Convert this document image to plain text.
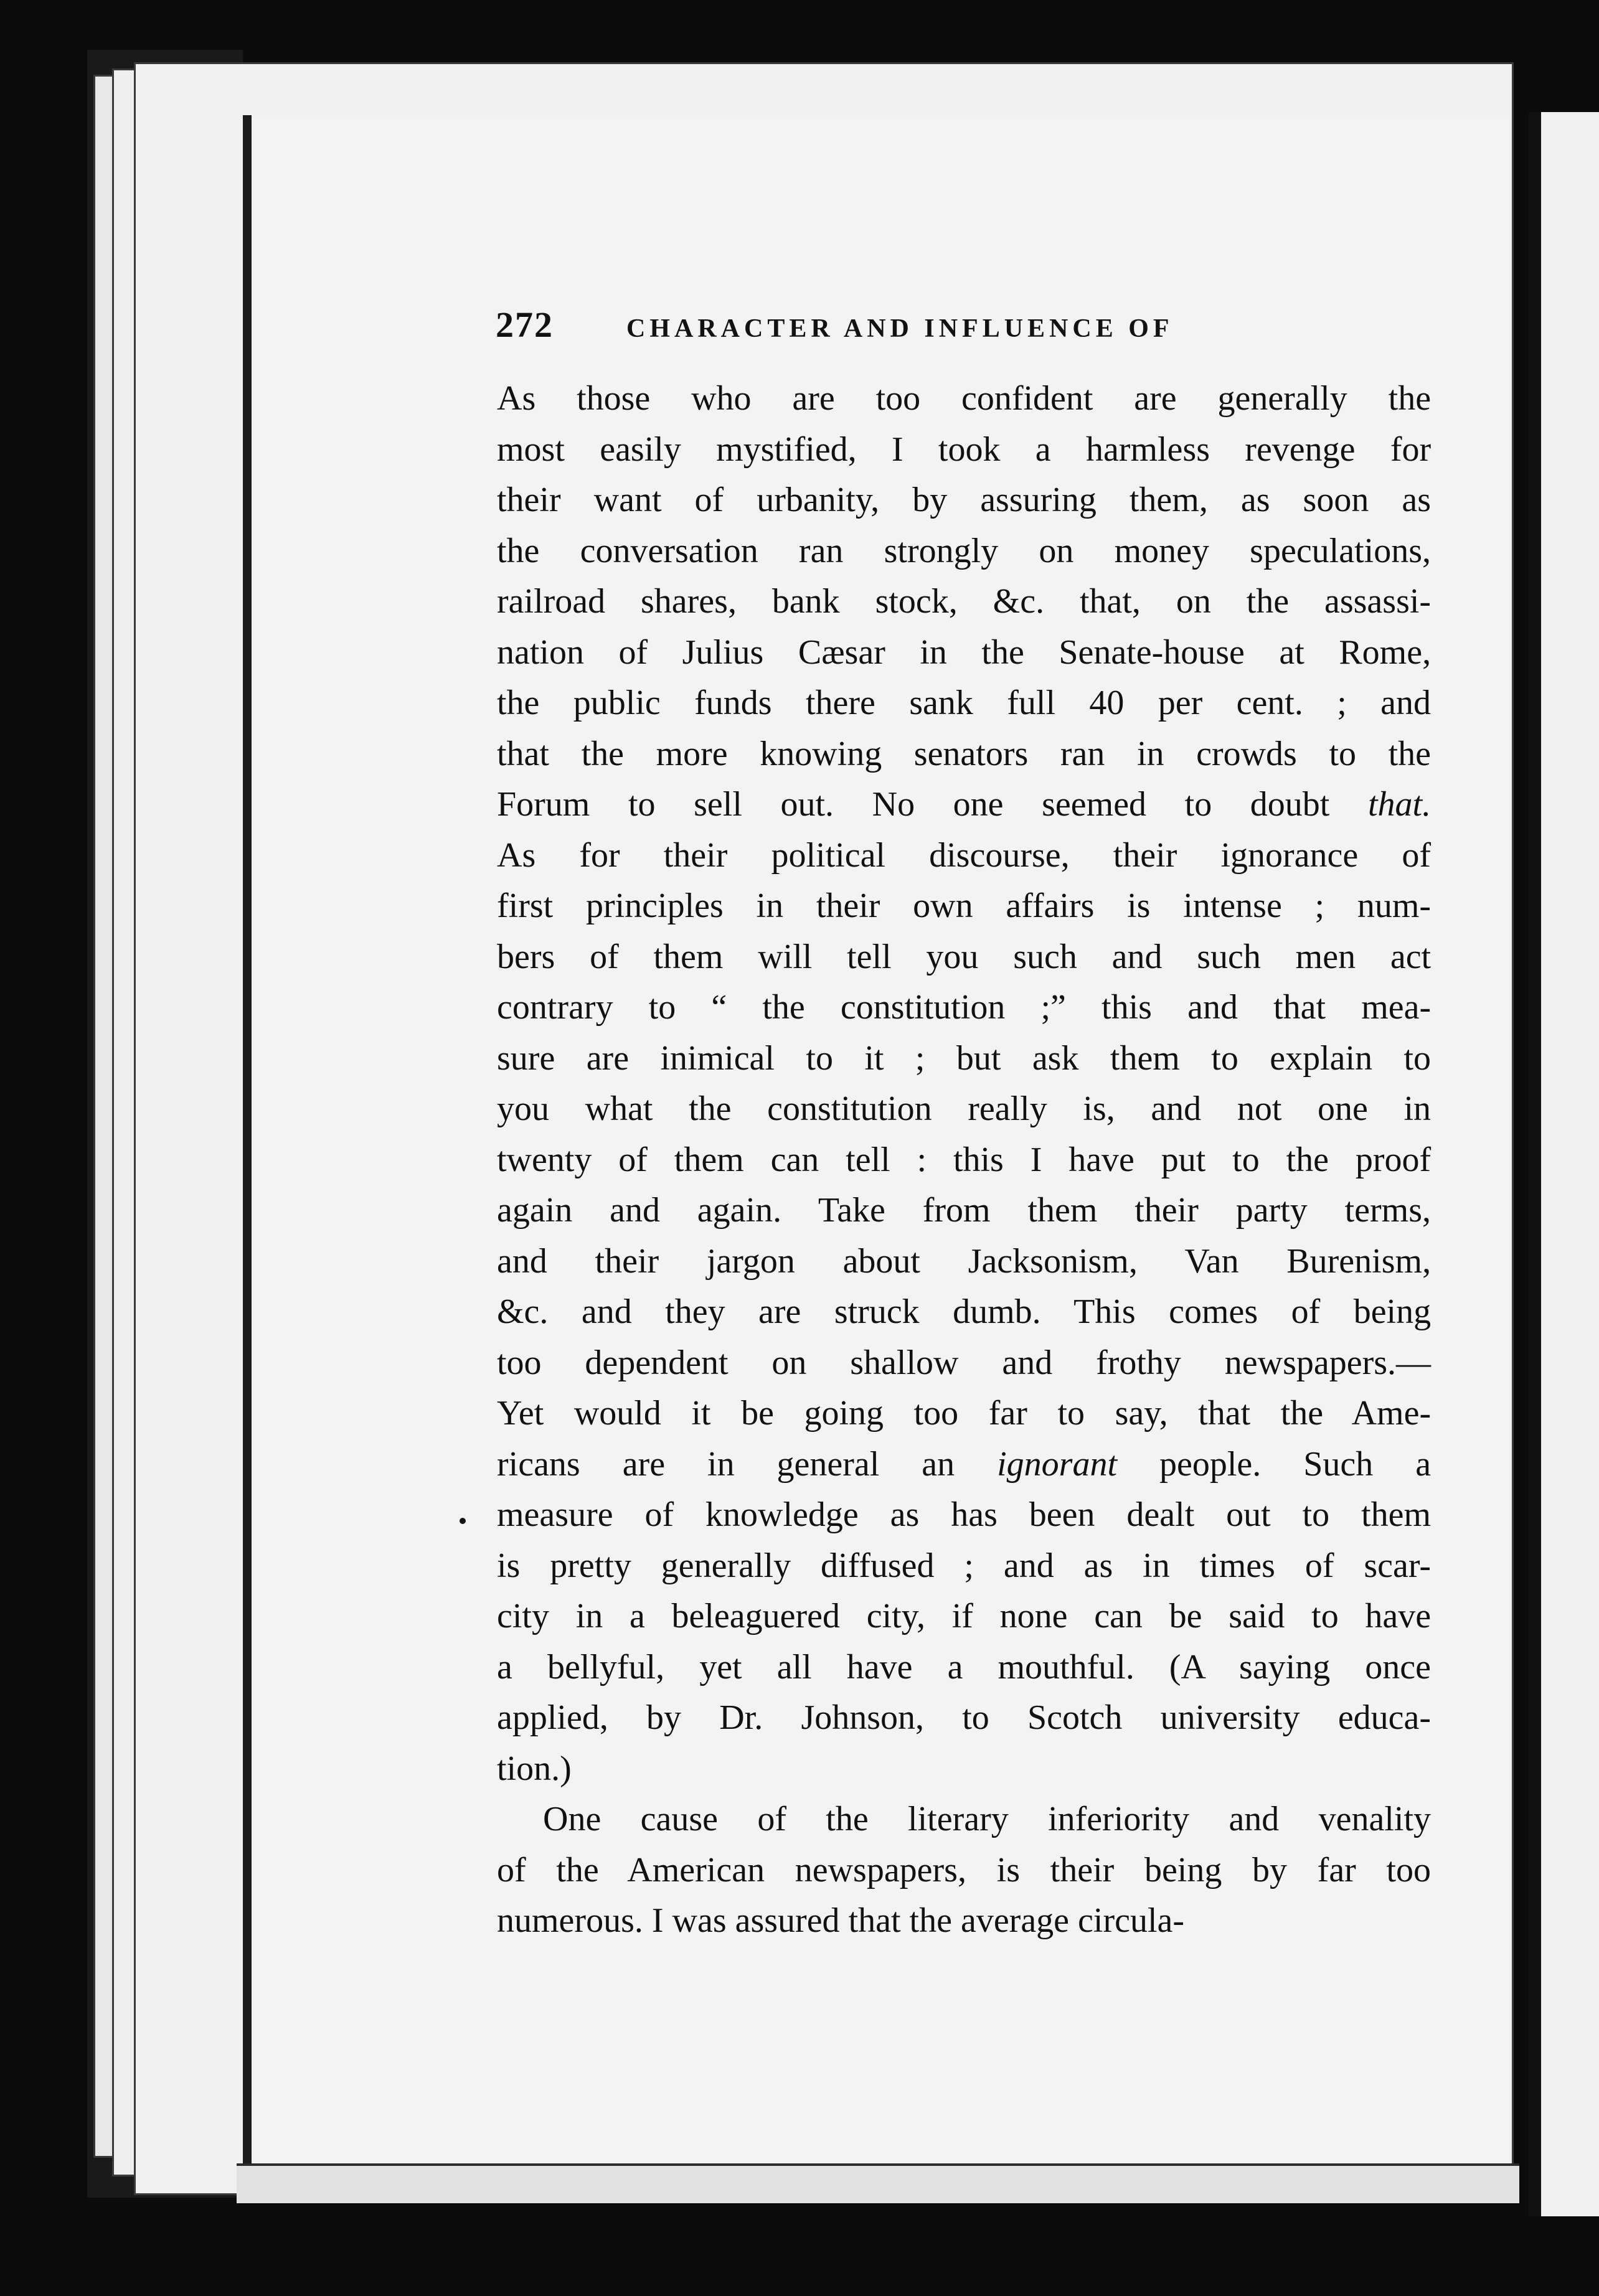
272	CHARACTER AND INFLUENCE OF
As those who are too confident are generally the
most easily mystified, I took a harmless revenge for
their want of urbanity, by assuring them, as soon as
the conversation ran strongly on money speculations,
railroad shares, bank stock, &c. that, on the assassi-
nation of Julius Cæsar in the Senate-house at Rome,
the public funds there sank full 40 per cent. ; and
that the more knowing senators ran in crowds to the
Forum to sell out. No one seemed to doubt that.
As for their political discourse, their ignorance of
first principles in their own affairs is intense ; num-
bers of them will tell you such and such men act
contrary to “ the constitution ;” this and that mea-
sure are inimical to it ; but ask them to explain to
you what the constitution really is, and not one in
twenty of them can tell : this I have put to the proof
again and again. Take from them their party terms,
and their jargon about Jacksonism, Van Burenism,
&c. and they are struck dumb. This comes of being
too dependent on shallow and frothy newspapers.—
Yet would it be going too far to say, that the Ame-
ricans are in general an ignorant people. Such a
measure of knowledge as has been dealt out to them
is pretty generally diffused ; and as in times of scar-
city in a beleaguered city, if none can be said to have
a bellyful, yet all have a mouthful. (A saying once
applied, by Dr. Johnson, to Scotch university educa-
tion.)
One cause of the literary inferiority and venality
of the American newspapers, is their being by far too
numerous. I was assured that the average circula-
